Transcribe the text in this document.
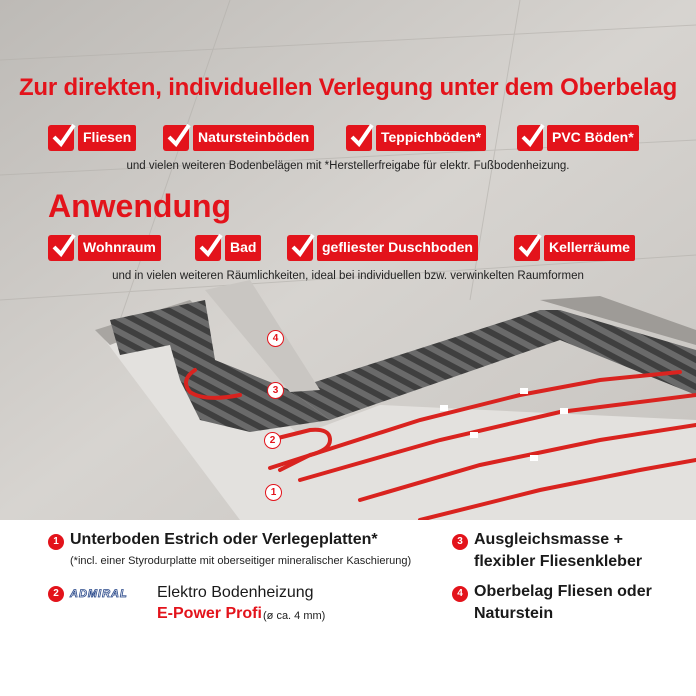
4
3
2
1
Zur direkten, individuellen Verlegung unter dem Oberbelag
Fliesen	Natursteinböden	Teppichböden*	PVC Böden*
und vielen weiteren Bodenbelägen mit *Herstellerfreigabe für elektr. Fußbodenheizung.
Anwendung
Wohnraum	Bad	gefliester Duschboden	Kellerräume
und in vielen weiteren Räumlichkeiten, ideal bei individuellen bzw. verwinkelten Raumformen
1 Unterboden Estrich oder Verlegeplatten*
(*incl. einer Styrodurplatte mit oberseitiger mineralischer Kaschierung)
2	ADMIRAL Elektro Bodenheizung
E-Power Profi (ø ca. 4 mm)
3 Ausgleichsmasse +
flexibler Fliesenkleber
4 Oberbelag Fliesen oder
Naturstein
